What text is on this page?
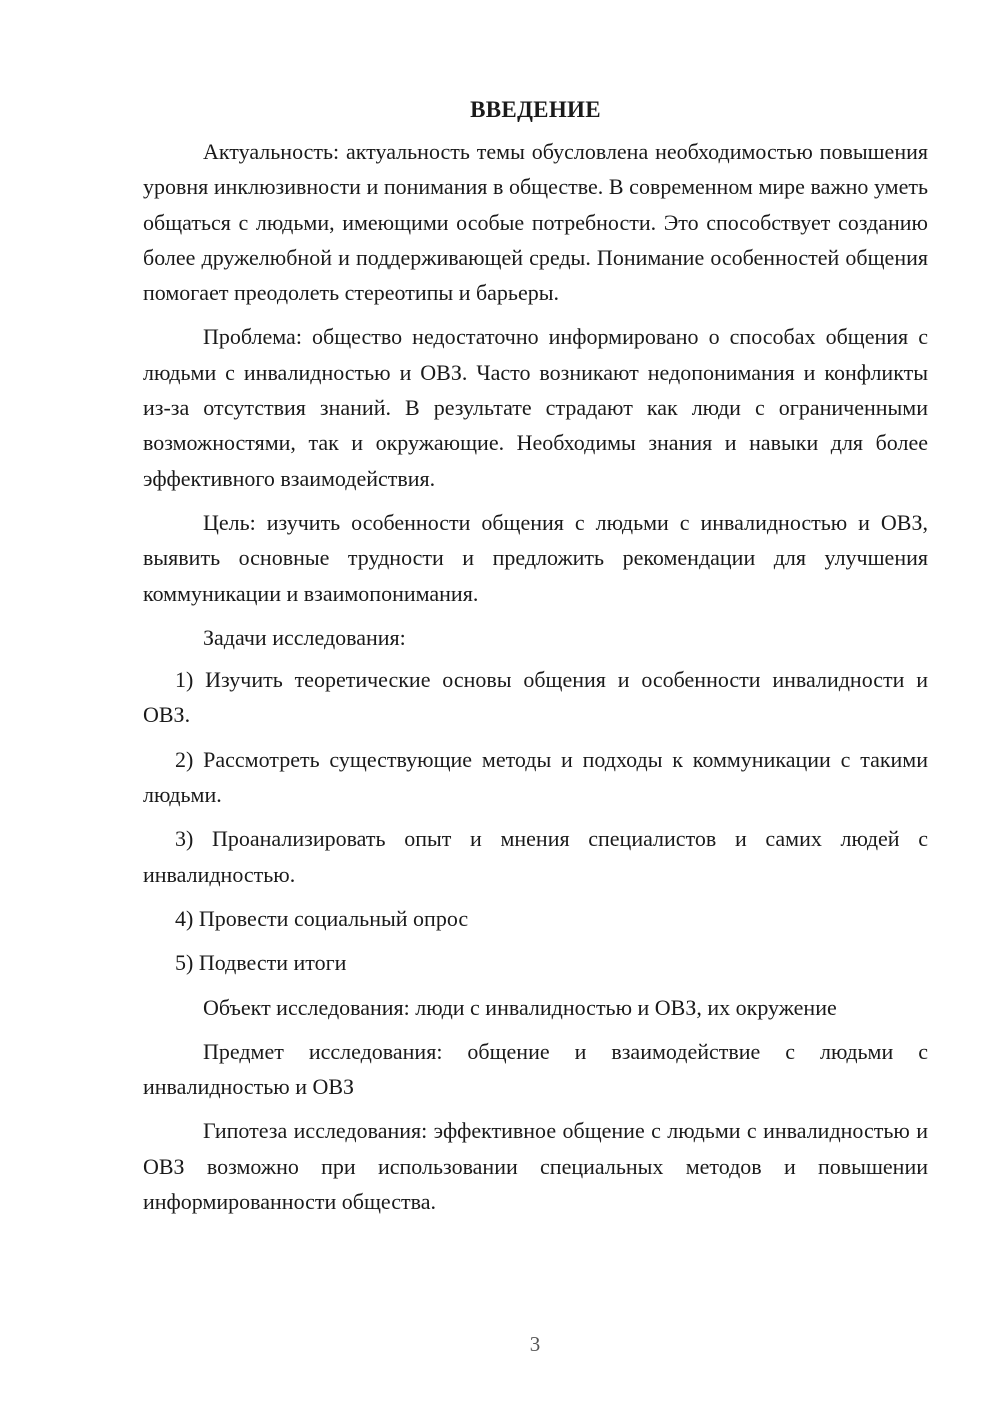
ВВЕДЕНИЕ

Актуальность: актуальность темы обусловлена необходимостью повышения уровня инклюзивности и понимания в обществе. В современном мире важно уметь общаться с людьми, имеющими особые потребности. Это способствует созданию более дружелюбной и поддерживающей среды. Понимание особенностей общения помогает преодолеть стереотипы и барьеры.

Проблема: общество недостаточно информировано о способах общения с людьми с инвалидностью и ОВЗ. Часто возникают недопонимания и конфликты из-за отсутствия знаний. В результате страдают как люди с ограниченными возможностями, так и окружающие. Необходимы знания и навыки для более эффективного взаимодействия.

Цель: изучить особенности общения с людьми с инвалидностью и ОВЗ, выявить основные трудности и предложить рекомендации для улучшения коммуникации и взаимопонимания.

Задачи исследования:

1) Изучить теоретические основы общения и особенности инвалидности и ОВЗ.

2) Рассмотреть существующие методы и подходы к коммуникации с такими людьми.

3) Проанализировать опыт и мнения специалистов и самих людей с инвалидностью.

4) Провести социальный опрос

5) Подвести итоги

Объект исследования: люди с инвалидностью и ОВЗ, их окружение

Предмет исследования: общение и взаимодействие с людьми с инвалидностью и ОВЗ

Гипотеза исследования: эффективное общение с людьми с инвалидностью и ОВЗ возможно при использовании специальных методов и повышении информированности общества.

3
